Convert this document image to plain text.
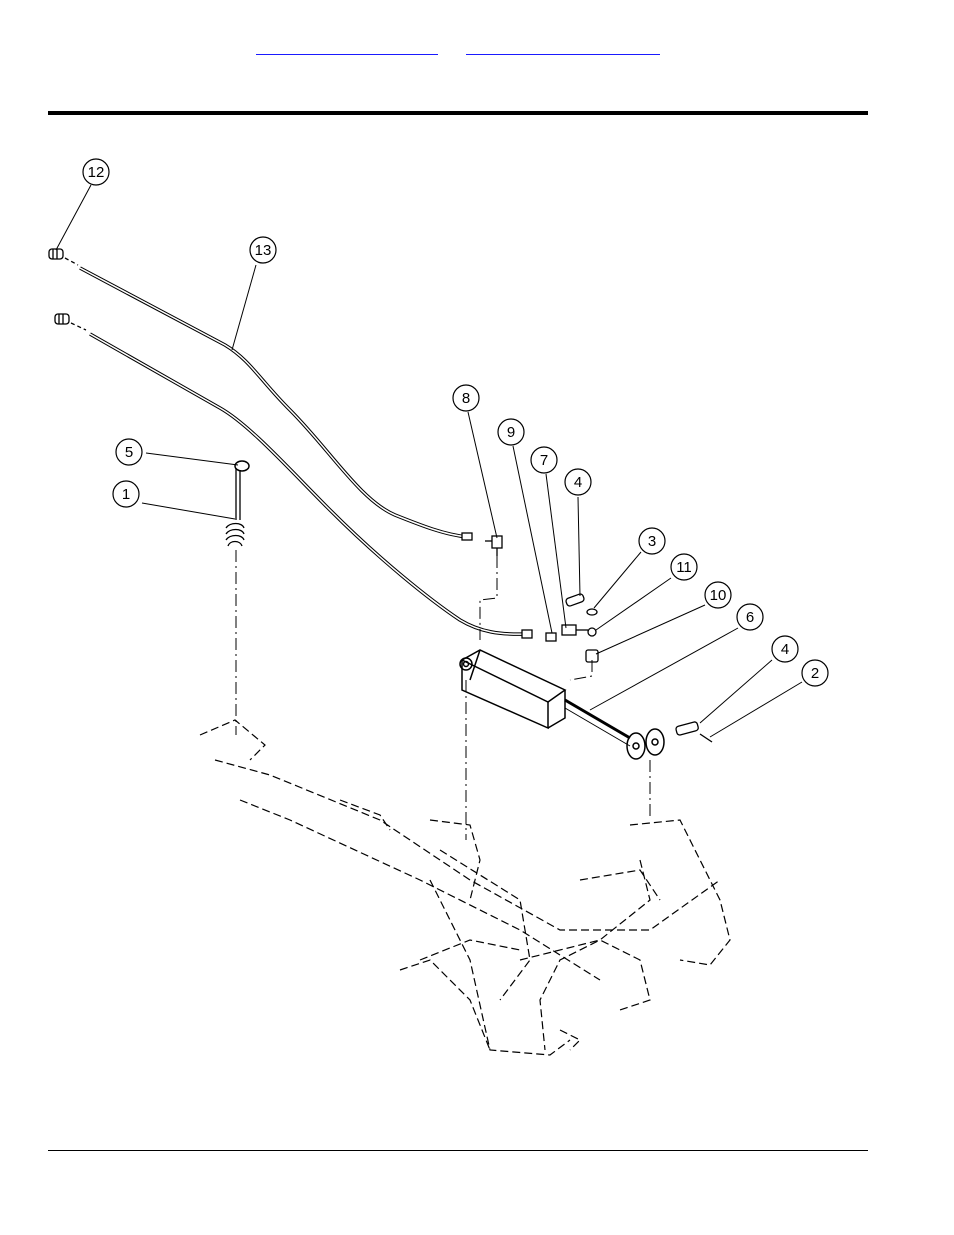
12
13
8
9
7
4
3
11
10
6
5
1
4
2
